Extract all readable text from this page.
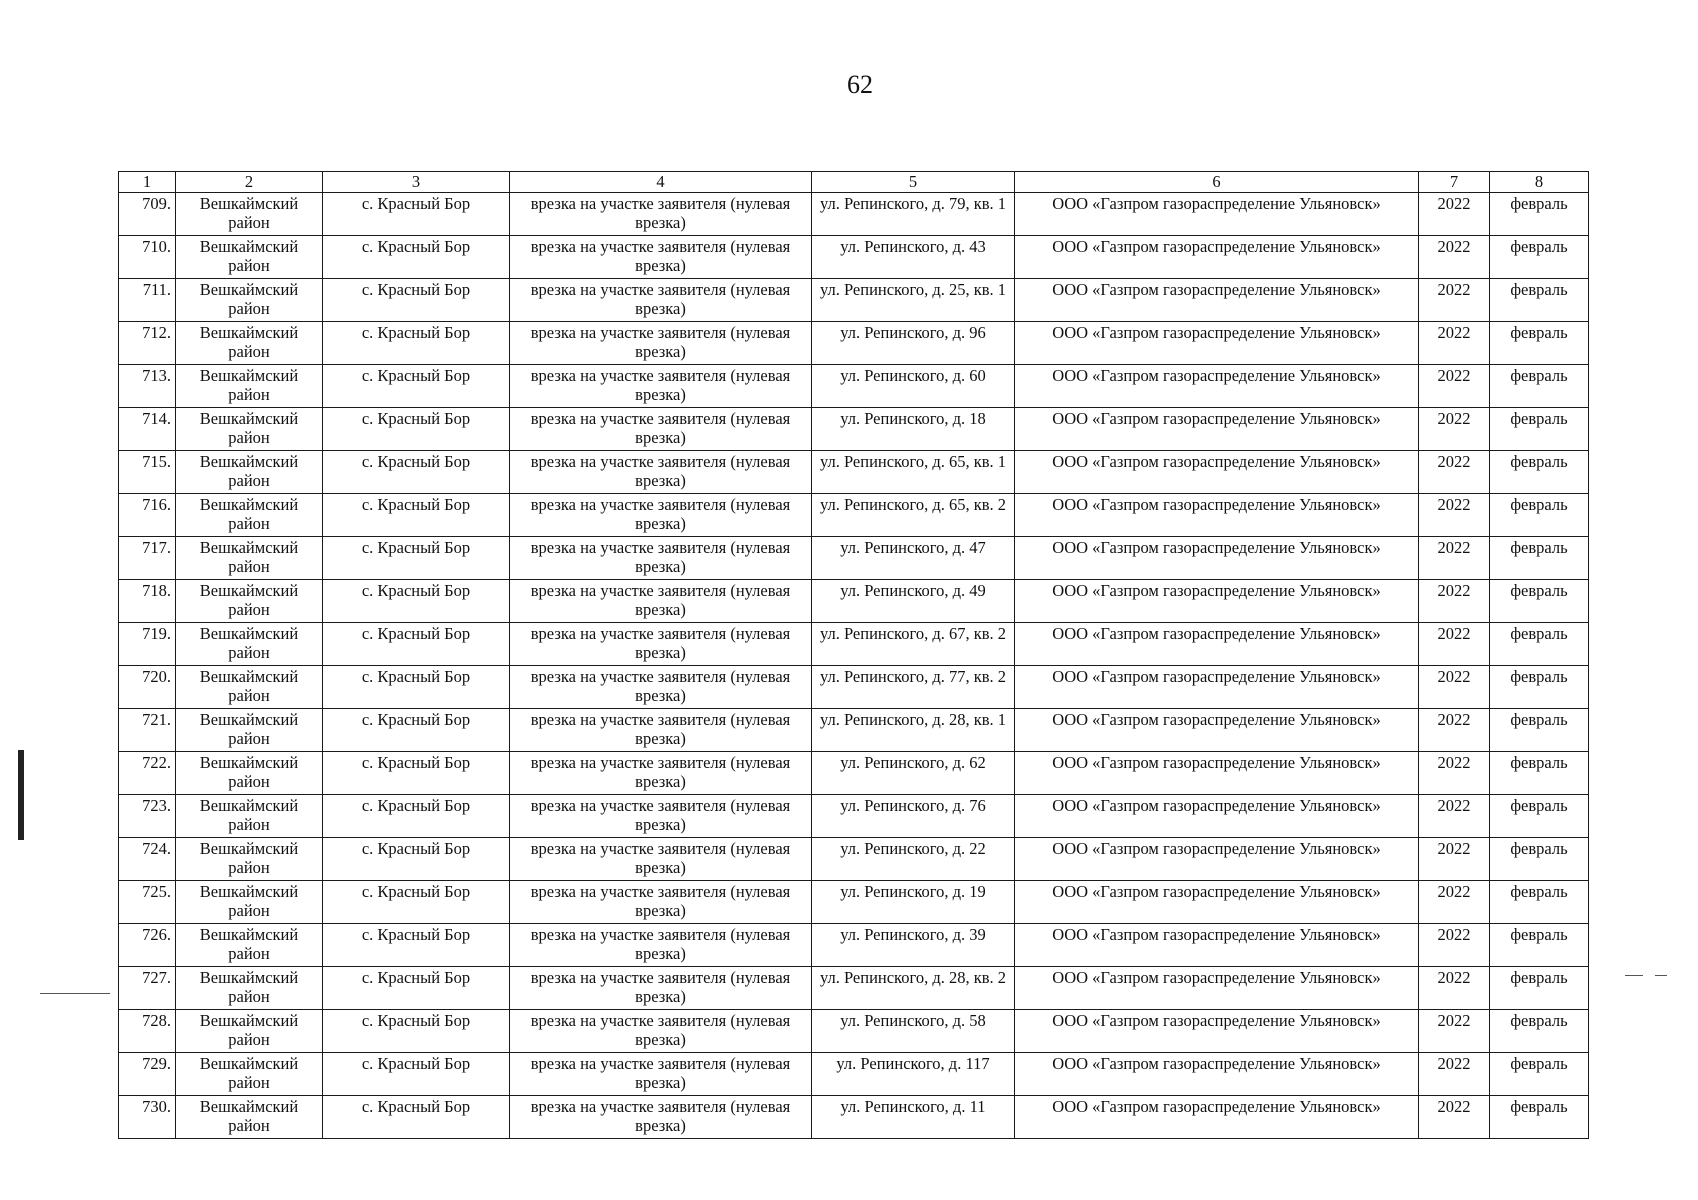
62
1	2	3	4	5	6	7	8
709.	Вешкаймский район	с. Красный Бор	врезка на участке заявителя (нулевая врезка)	ул. Репинского, д. 79, кв. 1	ООО «Газпром газораспределение Ульяновск»	2022	февраль
710.	Вешкаймский район	с. Красный Бор	врезка на участке заявителя (нулевая врезка)	ул. Репинского, д. 43	ООО «Газпром газораспределение Ульяновск»	2022	февраль
711.	Вешкаймский район	с. Красный Бор	врезка на участке заявителя (нулевая врезка)	ул. Репинского, д. 25, кв. 1	ООО «Газпром газораспределение Ульяновск»	2022	февраль
712.	Вешкаймский район	с. Красный Бор	врезка на участке заявителя (нулевая врезка)	ул. Репинского, д. 96	ООО «Газпром газораспределение Ульяновск»	2022	февраль
713.	Вешкаймский район	с. Красный Бор	врезка на участке заявителя (нулевая врезка)	ул. Репинского, д. 60	ООО «Газпром газораспределение Ульяновск»	2022	февраль
714.	Вешкаймский район	с. Красный Бор	врезка на участке заявителя (нулевая врезка)	ул. Репинского, д. 18	ООО «Газпром газораспределение Ульяновск»	2022	февраль
715.	Вешкаймский район	с. Красный Бор	врезка на участке заявителя (нулевая врезка)	ул. Репинского, д. 65, кв. 1	ООО «Газпром газораспределение Ульяновск»	2022	февраль
716.	Вешкаймский район	с. Красный Бор	врезка на участке заявителя (нулевая врезка)	ул. Репинского, д. 65, кв. 2	ООО «Газпром газораспределение Ульяновск»	2022	февраль
717.	Вешкаймский район	с. Красный Бор	врезка на участке заявителя (нулевая врезка)	ул. Репинского, д. 47	ООО «Газпром газораспределение Ульяновск»	2022	февраль
718.	Вешкаймский район	с. Красный Бор	врезка на участке заявителя (нулевая врезка)	ул. Репинского, д. 49	ООО «Газпром газораспределение Ульяновск»	2022	февраль
719.	Вешкаймский район	с. Красный Бор	врезка на участке заявителя (нулевая врезка)	ул. Репинского, д. 67, кв. 2	ООО «Газпром газораспределение Ульяновск»	2022	февраль
720.	Вешкаймский район	с. Красный Бор	врезка на участке заявителя (нулевая врезка)	ул. Репинского, д. 77, кв. 2	ООО «Газпром газораспределение Ульяновск»	2022	февраль
721.	Вешкаймский район	с. Красный Бор	врезка на участке заявителя (нулевая врезка)	ул. Репинского, д. 28, кв. 1	ООО «Газпром газораспределение Ульяновск»	2022	февраль
722.	Вешкаймский район	с. Красный Бор	врезка на участке заявителя (нулевая врезка)	ул. Репинского, д. 62	ООО «Газпром газораспределение Ульяновск»	2022	февраль
723.	Вешкаймский район	с. Красный Бор	врезка на участке заявителя (нулевая врезка)	ул. Репинского, д. 76	ООО «Газпром газораспределение Ульяновск»	2022	февраль
724.	Вешкаймский район	с. Красный Бор	врезка на участке заявителя (нулевая врезка)	ул. Репинского, д. 22	ООО «Газпром газораспределение Ульяновск»	2022	февраль
725.	Вешкаймский район	с. Красный Бор	врезка на участке заявителя (нулевая врезка)	ул. Репинского, д. 19	ООО «Газпром газораспределение Ульяновск»	2022	февраль
726.	Вешкаймский район	с. Красный Бор	врезка на участке заявителя (нулевая врезка)	ул. Репинского, д. 39	ООО «Газпром газораспределение Ульяновск»	2022	февраль
727.	Вешкаймский район	с. Красный Бор	врезка на участке заявителя (нулевая врезка)	ул. Репинского, д. 28, кв. 2	ООО «Газпром газораспределение Ульяновск»	2022	февраль
728.	Вешкаймский район	с. Красный Бор	врезка на участке заявителя (нулевая врезка)	ул. Репинского, д. 58	ООО «Газпром газораспределение Ульяновск»	2022	февраль
729.	Вешкаймский район	с. Красный Бор	врезка на участке заявителя (нулевая врезка)	ул. Репинского, д. 117	ООО «Газпром газораспределение Ульяновск»	2022	февраль
730.	Вешкаймский район	с. Красный Бор	врезка на участке заявителя (нулевая врезка)	ул. Репинского, д. 11	ООО «Газпром газораспределение Ульяновск»	2022	февраль
